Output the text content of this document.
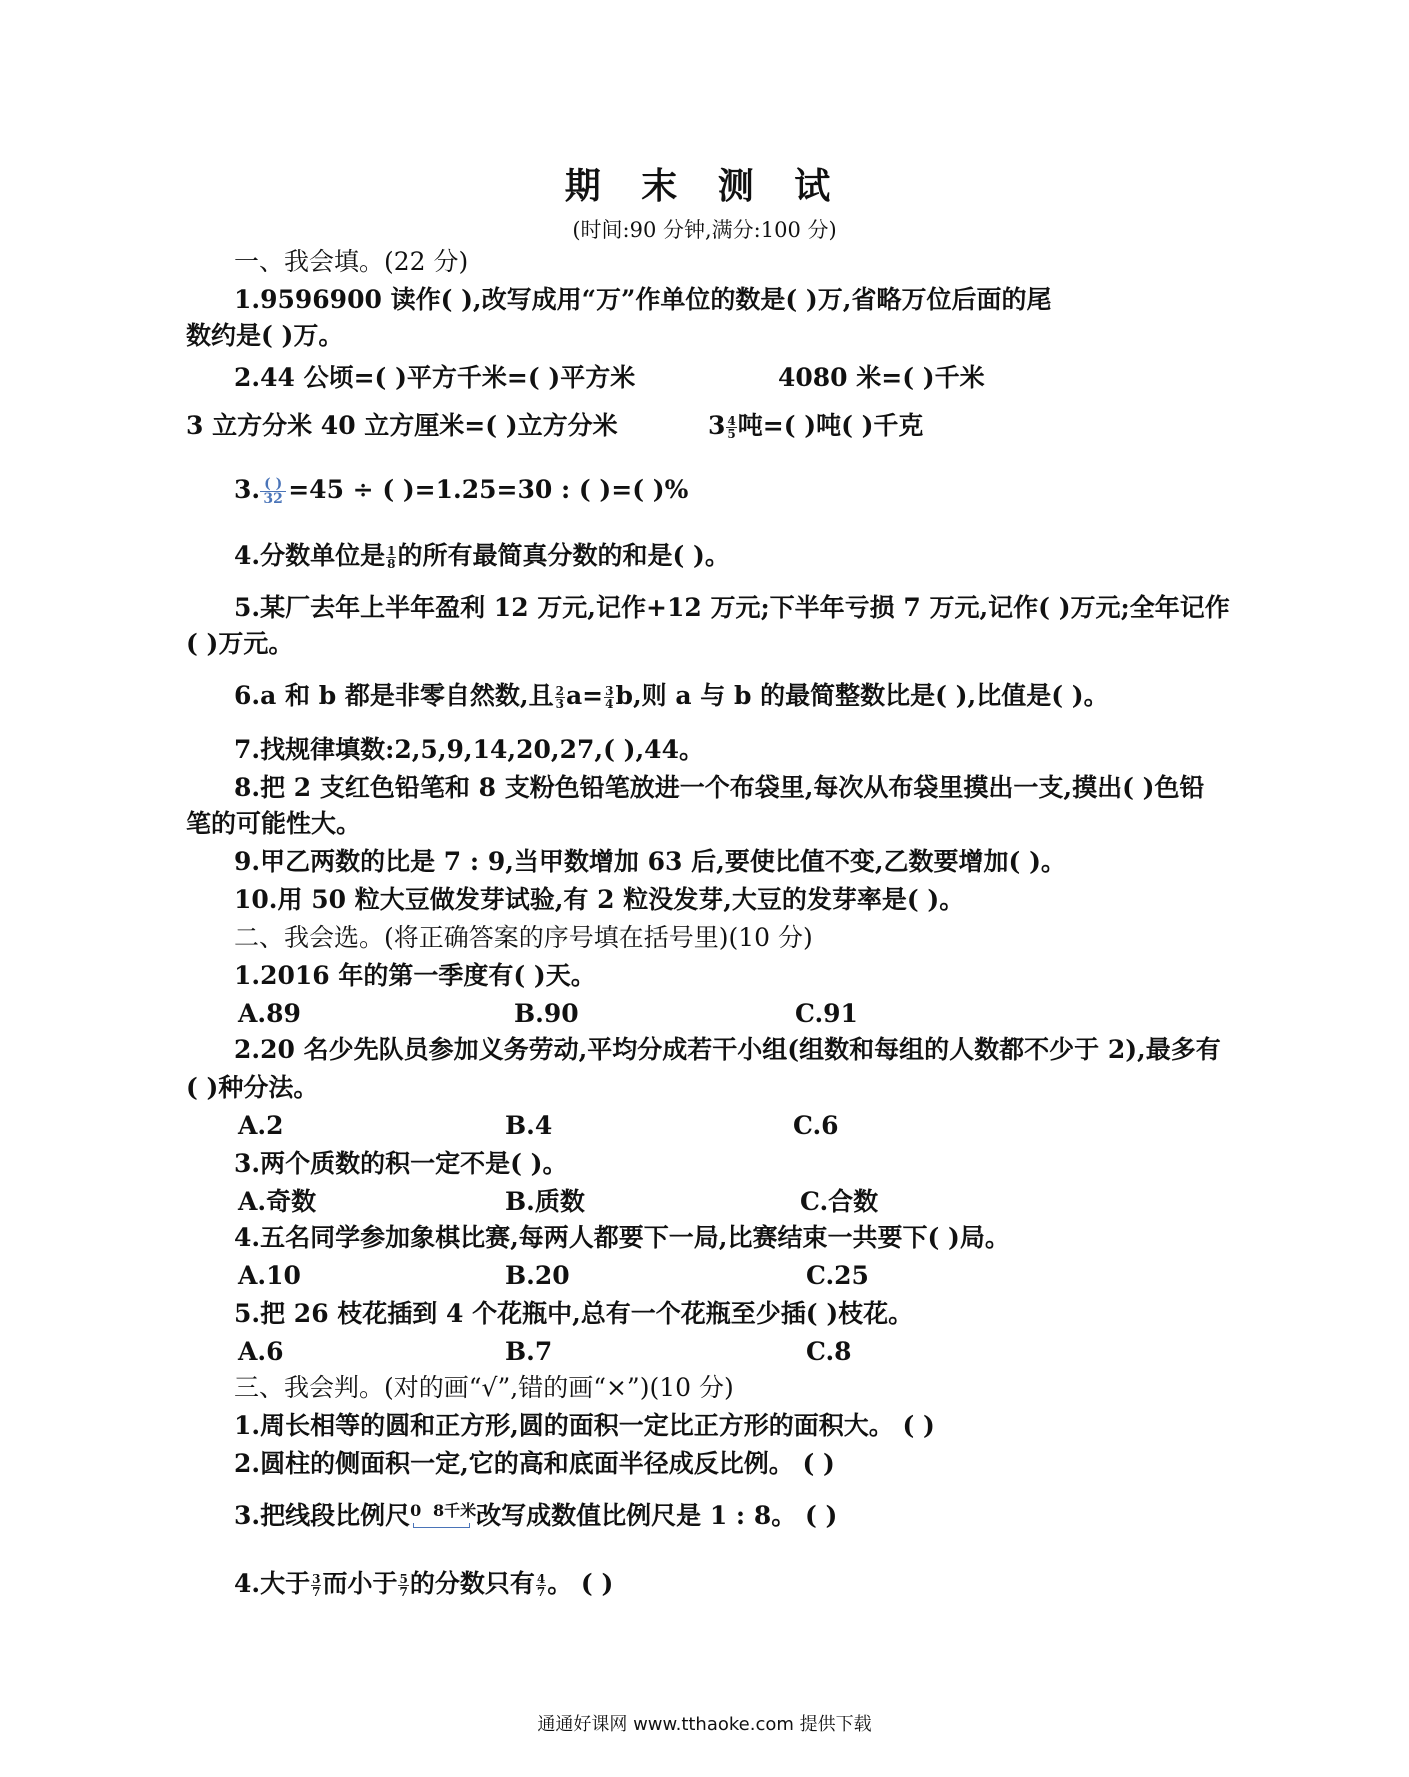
期 末 测 试
(时间:90 分钟,满分:100 分)
一、我会填。(22 分)
1.9596900 读作( ),改写成用“万”作单位的数是( )万,省略万位后面的尾
数约是( )万。
2.44 公顷=( )平方千米=( )平方米	4080 米=( )千米
3 立方分米 40 立方厘米=( )立方分米	$3 \frac{4}{5}$ 吨=( )吨( )千克
3. $\frac{( )}{32} =45$ ÷ ( )=1.25=30 : ( )=( )%
4.分数单位是 $\frac{1}{8}$ 的所有最简真分数的和是( )。
5.某厂去年上半年盈利 12 万元,记作+12 万元;下半年亏损 7 万元,记作( )万元;全年记作
( )万元。
6.a 和 b 都是非零自然数,且 $\frac{2}{3} a= \frac{3}{4} b$,则 a 与 b 的最简整数比是( ),比值是( )。
7.找规律填数:2,5,9,14,20,27,( ),44。
8.把 2 支红色铅笔和 8 支粉色铅笔放进一个布袋里,每次从布袋里摸出一支,摸出( )色铅
笔的可能性大。
9.甲乙两数的比是 7 : 9,当甲数增加 63 后,要使比值不变,乙数要增加( )。
10.用 50 粒大豆做发芽试验,有 2 粒没发芽,大豆的发芽率是( )。
二、我会选。(将正确答案的序号填在括号里)(10 分)
1.2016 年的第一季度有( )天。
A.89	B.90	C.91
2.20 名少先队员参加义务劳动,平均分成若干小组(组数和每组的人数都不少于 2),最多有
( )种分法。
A.2	B.4	C.6
3.两个质数的积一定不是( )。
A.奇数	B.质数	C.合数
4.五名同学参加象棋比赛,每两人都要下一局,比赛结束一共要下( )局。
A.10	B.20	C.25
5.把 26 枝花插到 4 个花瓶中,总有一个花瓶至少插( )枝花。
A.6	B.7	C.8
三、我会判。(对的画“√”,错的画“×”)(10 分)
1.周长相等的圆和正方形,圆的面积一定比正方形的面积大。 ( )
2.圆柱的侧面积一定,它的高和底面半径成反比例。 ( )
3.把线段比例尺 0 8千米 改写成数值比例尺是 1 : 8。 ( )
4.大于 $\frac{3}{7}$ 而小于 $\frac{5}{7}$ 的分数只有 $\frac{4}{7}$ 。 ( )
通通好课网 www.tthaoke.com 提供下载
